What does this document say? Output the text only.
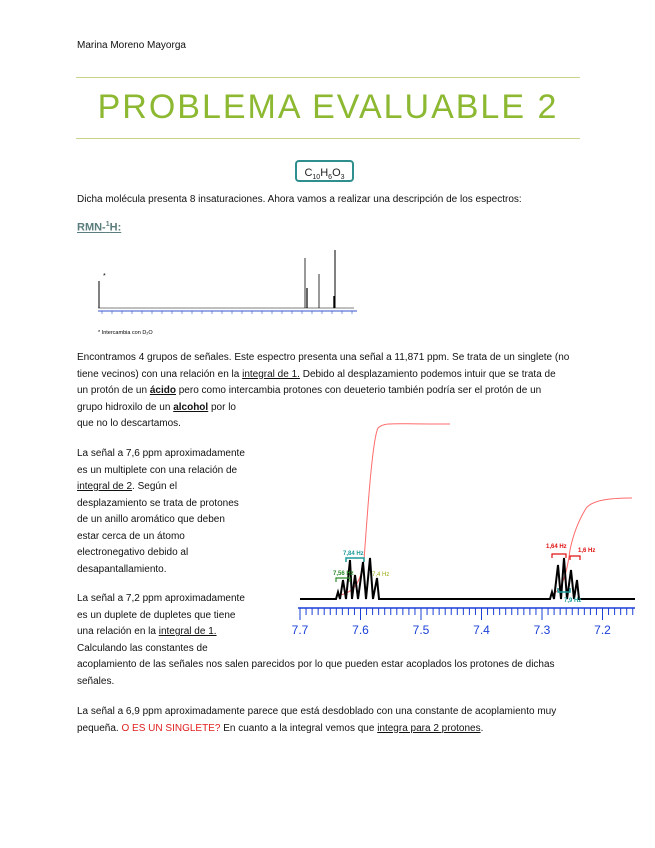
Marina Moreno Mayorga
PROBLEMA EVALUABLE 2
$C_{10}H_6O_3$
Dicha molécula presenta 8 insaturaciones. Ahora vamos a realizar una descripción de los espectros:
RMN-$^1$H:
*
* Intercambia con D₂O
Encontramos 4 grupos de señales. Este espectro presenta una señal a 11,871 ppm. Se trata de un singlete (no
tiene vecinos) con una relación en la integral de 1. Debido al desplazamiento podemos intuir que se trata de
un protón de un ácido pero como intercambia protones con deueterio también podría ser el protón de un
grupo hidroxilo de un alcohol por lo
que no lo descartamos.
La señal a 7,6 ppm aproximadamente
es un multiplete con una relación de
integral de 2. Según el
desplazamiento se trata de protones
de un anillo aromático que deben
estar cerca de un átomo
electronegativo debido al
desapantallamiento.
La señal a 7,2 ppm aproximadamente
es un duplete de dupletes que tiene
una relación en la integral de 1.
Calculando las constantes de
acoplamiento de las señales nos salen parecidos por lo que pueden estar acoplados los protones de dichas
señales.
La señal a 6,9 ppm aproximadamente parece que está desdoblado con una constante de acoplamiento muy
pequeña. O ES UN SINGLETE? En cuanto a la integral vemos que integra para 2 protones.
7,84 Hz
7,56 Hz	7,4 Hz
1,64 Hz
1,6 Hz
7,9 Hz
7.7	7.6	7.5	7.4	7.3	7.2
